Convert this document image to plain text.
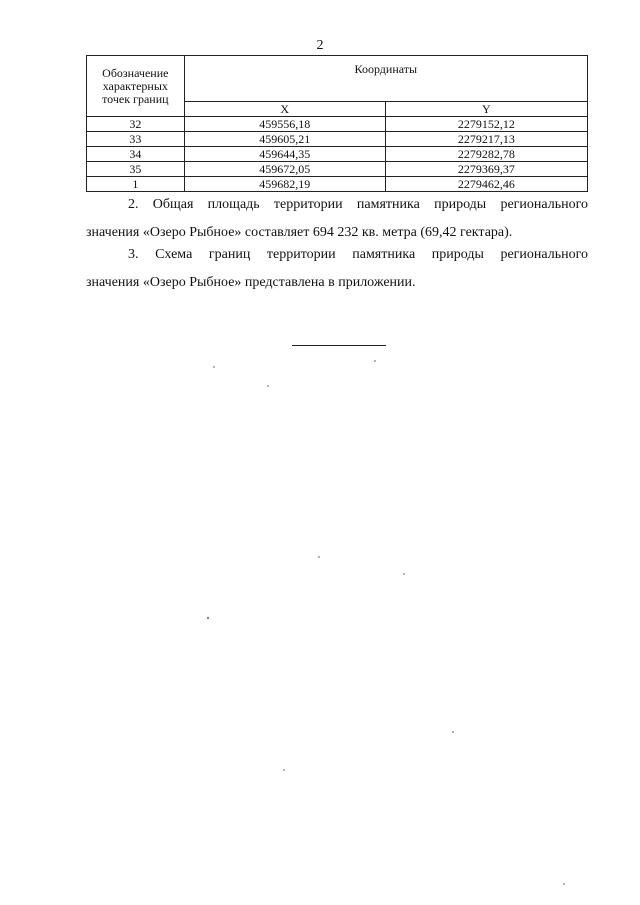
2
Обозначение
характерных
точек границ	Координаты	
	X	Y
32	459556,18	2279152,12
33	459605,21	2279217,13
34	459644,35	2279282,78
35	459672,05	2279369,37
1	459682,19	2279462,46
2. Общая площадь территории памятника природы регионального
значения «Озеро Рыбное» составляет 694 232 кв. метра (69,42 гектара).
3. Схема границ территории памятника природы регионального
значения «Озеро Рыбное» представлена в приложении.
